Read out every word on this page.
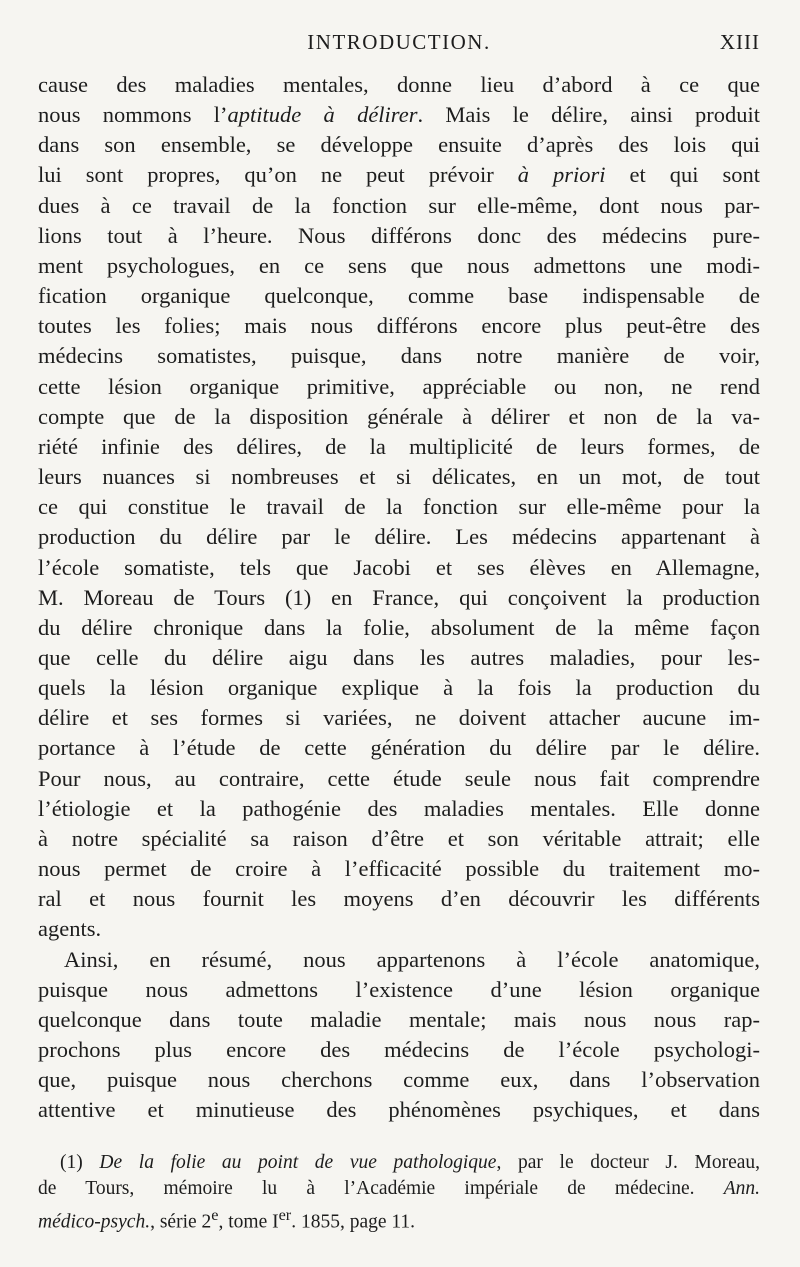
INTRODUCTION.	XIII
cause des maladies mentales, donne lieu d’abord à ce que
nous nommons l’aptitude à délirer. Mais le délire, ainsi produit
dans son ensemble, se développe ensuite d’après des lois qui
lui sont propres, qu’on ne peut prévoir à priori et qui sont
dues à ce travail de la fonction sur elle-même, dont nous par-
lions tout à l’heure. Nous différons donc des médecins pure-
ment psychologues, en ce sens que nous admettons une modi-
fication organique quelconque, comme base indispensable de
toutes les folies; mais nous différons encore plus peut-être des
médecins somatistes, puisque, dans notre manière de voir,
cette lésion organique primitive, appréciable ou non, ne rend
compte que de la disposition générale à délirer et non de la va-
riété infinie des délires, de la multiplicité de leurs formes, de
leurs nuances si nombreuses et si délicates, en un mot, de tout
ce qui constitue le travail de la fonction sur elle-même pour la
production du délire par le délire. Les médecins appartenant à
l’école somatiste, tels que Jacobi et ses élèves en Allemagne,
M. Moreau de Tours (1) en France, qui conçoivent la production
du délire chronique dans la folie, absolument de la même façon
que celle du délire aigu dans les autres maladies, pour les-
quels la lésion organique explique à la fois la production du
délire et ses formes si variées, ne doivent attacher aucune im-
portance à l’étude de cette génération du délire par le délire.
Pour nous, au contraire, cette étude seule nous fait comprendre
l’étiologie et la pathogénie des maladies mentales. Elle donne
à notre spécialité sa raison d’être et son véritable attrait; elle
nous permet de croire à l’efficacité possible du traitement mo-
ral et nous fournit les moyens d’en découvrir les différents
agents.
Ainsi, en résumé, nous appartenons à l’école anatomique,
puisque nous admettons l’existence d’une lésion organique
quelconque dans toute maladie mentale; mais nous nous rap-
prochons plus encore des médecins de l’école psychologi-
que, puisque nous cherchons comme eux, dans l’observation
attentive et minutieuse des phénomènes psychiques, et dans
(1) De la folie au point de vue pathologique, par le docteur J. Moreau,
de Tours, mémoire lu à l’Académie impériale de médecine. Ann.
médico-psych., série 2e, tome Ier. 1855, page 11.
